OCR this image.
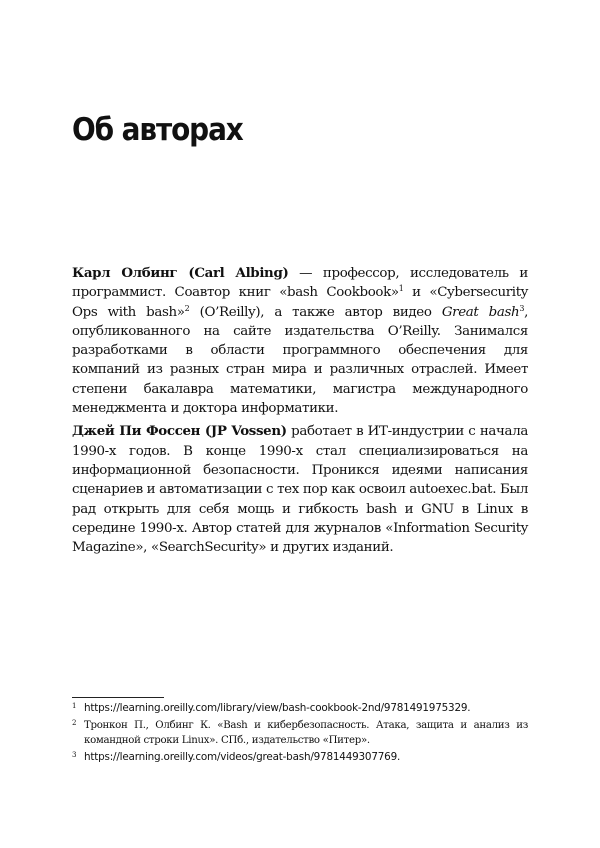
Об авторах

Карл Олбинг (Carl Albing) — профессор, исследователь и программист. Соавтор книг «bash Cookbook»$^1$ и «Cybersecurity Ops with bash»$^2$ (O’Reilly), а также автор видео Great bash$^3$, опубликованного на сайте издательства O’Reilly. Занимался разработками в области программного обеспечения для компаний из разных стран мира и различных отраслей. Имеет степени бакалавра математики, магистра международного менеджмента и доктора информатики.

Джей Пи Фоссен (JP Vossen) работает в ИТ-индустрии с начала 1990-х годов. В конце 1990-х стал специализироваться на информационной безопасности. Проникся идеями написания сценариев и автоматизации с тех пор как освоил autoexec.bat. Был рад открыть для себя мощь и гибкость bash и GNU в Linux в середине 1990-х. Автор статей для журналов «Information Security Magazine», «SearchSecurity» и других изданий.

1 https://learning.oreilly.com/library/view/bash-cookbook-2nd/9781491975329.
2 Тронкон П., Олбинг К. «Bash и кибербезопасность. Атака, защита и анализ из командной строки Linux». СПб., издательство «Питер».
3 https://learning.oreilly.com/videos/great-bash/9781449307769.
